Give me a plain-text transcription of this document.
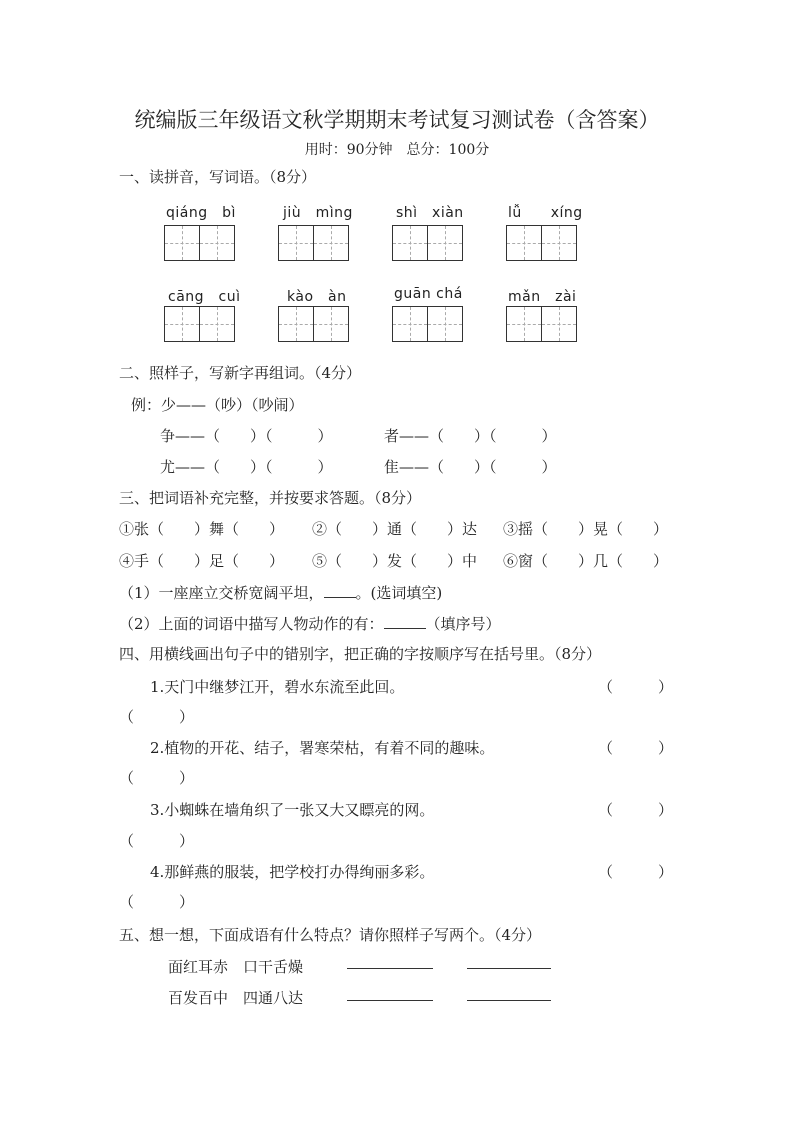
统编版三年级语文秋学期期末考试复习测试卷（含答案）
用时：90分钟　总分：100分
一、读拼音，写词语。（8分）
qiáng　bì	jiù　mìng	shì　xiàn	lǚ　　xíng
cāng　cuì	kào　àn	guān chá	mǎn　zài
二、照样子，写新字再组词。（4分）
例：少——（吵）（吵闹）
争——（　　）（　　　）	者——（　　）（　　　）
尤——（　　）（　　　）	隹——（　　）（　　　）
三、把词语补充完整，并按要求答题。（8分）
①张（　　）舞（　　） ②（　　）通（　　）达 ③摇（　　）晃（　　）
④手（　　）足（　　） ⑤（　　）发（　　）中 ⑥窗（　　）几（　　）
（1）一座座立交桥宽阔平坦， 。(选词填空)
（2）上面的词语中描写人物动作的有：	（填序号）
四、用横线画出句子中的错别字，把正确的字按顺序写在括号里。（8分）
1.天门中继梦江开，碧水东流至此回。	（　　　）
（　　　）
2.植物的开花、结子，署寒荣枯，有着不同的趣味。	（　　　）
（　　　）
3.小蜘蛛在墙角织了一张又大又瞟亮的网。	（　　　）
（　　　）
4.那鲜燕的服装，把学校打办得绚丽多彩。	（　　　）
（　　　）
五、想一想，下面成语有什么特点？请你照样子写两个。（4分）
面红耳赤　口干舌燥
百发百中　四通八达
